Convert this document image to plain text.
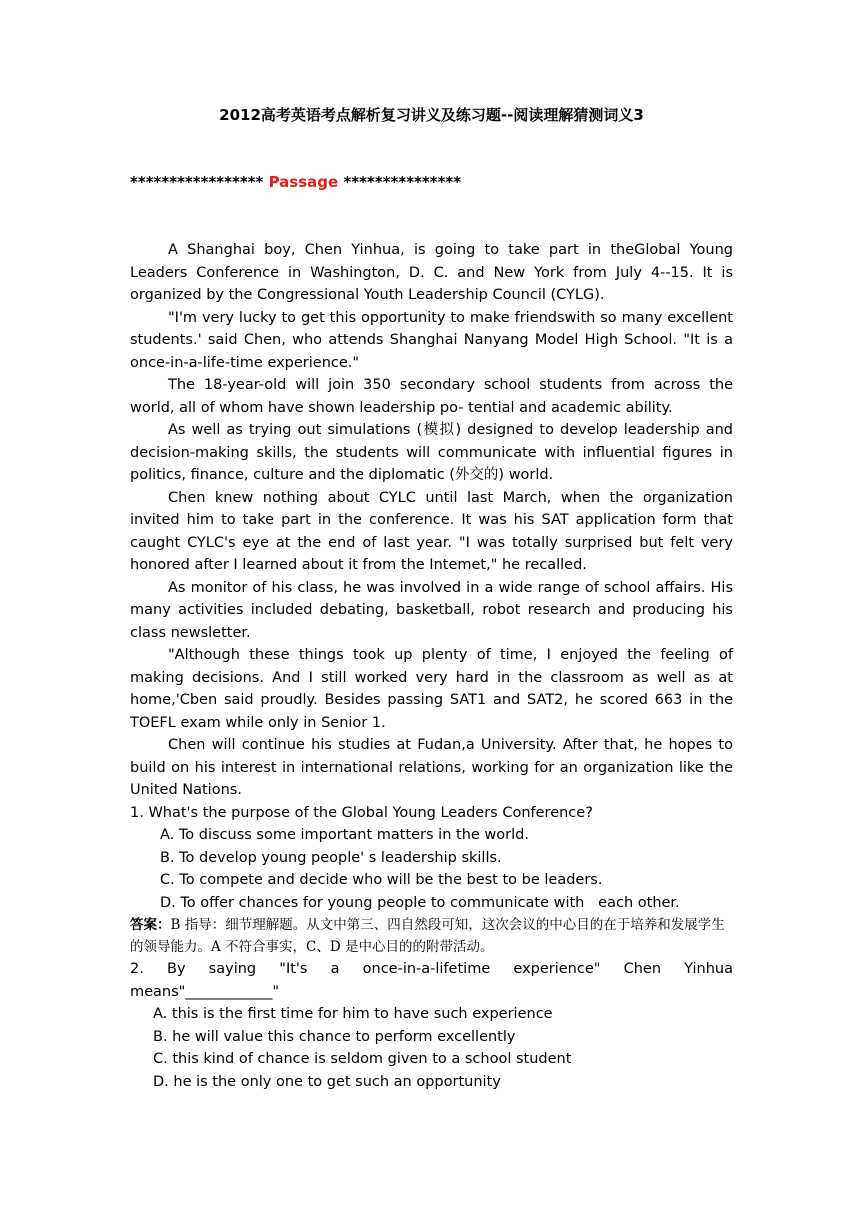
2012高考英语考点解析复习讲义及练习题--阅读理解猜测词义3
***************** Passage ***************

A Shanghai boy, Chen Yinhua, is going to take part in theGlobal Young Leaders Conference in Washington, D. C. and New York from July 4--15. It is organized by the Congressional Youth Leadership Council (CYLG).

"I'm very lucky to get this opportunity to make friendswith so many excellent students.' said Chen, who attends Shanghai Nanyang Model High School. "It is a once-in-a-life-time experience."

The 18-year-old will join 350 secondary school students from across the world, all of whom have shown leadership po- tential and academic ability.

As well as trying out simulations (模拟) designed to develop leadership and decision-making skills, the students will communicate with influential figures in politics, finance, culture and the diplomatic (外交的) world.

Chen knew nothing about CYLC until last March, when the organization invited him to take part in the conference. It was his SAT application form that caught CYLC's eye at the end of last year. "I was totally surprised but felt very honored after I learned about it from the Intemet," he recalled.

As monitor of his class, he was involved in a wide range of school affairs. His many activities included debating, basketball, robot research and producing his class newsletter.

"Although these things took up plenty of time, I enjoyed the feeling of making decisions. And I still worked very hard in the classroom as well as at home,'Cben said proudly. Besides passing SAT1 and SAT2, he scored 663 in the TOEFL exam while only in Senior 1.

Chen will continue his studies at Fudan,a University. After that, he hopes to build on his interest in international relations, working for an organization like the United Nations.

1. What's the purpose of the Global Young Leaders Conference?

A. To discuss some important matters in the world.

B. To develop young people' s leadership skills.

C. To compete and decide who will be the best to be leaders.

D. To offer chances for young people to communicate with   each other.

答案：B 指导：细节理解题。从文中第三、四自然段可知，这次会议的中心目的在于培养和发展学生的领导能力。A 不符合事实，C、D 是中心目的的附带活动。

2. By saying "It's a once-in-a-lifetime experience" Chen Yinhua

means"____________"

A. this is the first time for him to have such experience

B. he will value this chance to perform excellently

C. this kind of chance is seldom given to a school student

D. he is the only one to get such an opportunity
